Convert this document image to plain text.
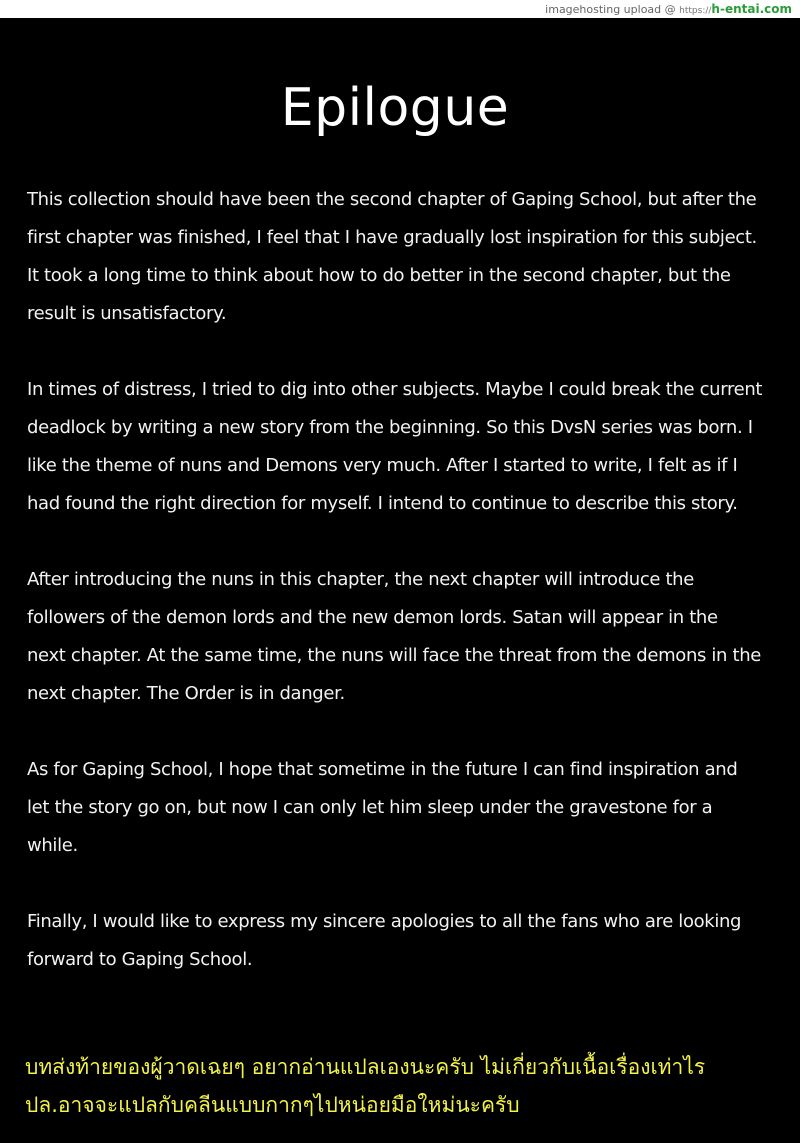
imagehosting upload @ https://h-entai.com
Epilogue
This collection should have been the second chapter of Gaping School, but after the
first chapter was finished, I feel that I have gradually lost inspiration for this subject.
It took a long time to think about how to do better in the second chapter, but the
result is unsatisfactory.
In times of distress, I tried to dig into other subjects. Maybe I could break the current
deadlock by writing a new story from the beginning. So this DvsN series was born. I
like the theme of nuns and Demons very much. After I started to write, I felt as if I
had found the right direction for myself. I intend to continue to describe this story.
After introducing the nuns in this chapter, the next chapter will introduce the
followers of the demon lords and the new demon lords. Satan will appear in the
next chapter. At the same time, the nuns will face the threat from the demons in the
next chapter. The Order is in danger.
As for Gaping School, I hope that sometime in the future I can find inspiration and
let the story go on, but now I can only let him sleep under the gravestone for a
while.
Finally, I would like to express my sincere apologies to all the fans who are looking
forward to Gaping School.
บทส่งท้ายของผู้วาดเฉยๆ อยากอ่านแปลเองนะครับ ไม่เกี่ยวกับเนื้อเรื่องเท่าไร
ปล.อาจจะแปลกับคลีนแบบกากๆไปหน่อยมือใหม่นะครับ
